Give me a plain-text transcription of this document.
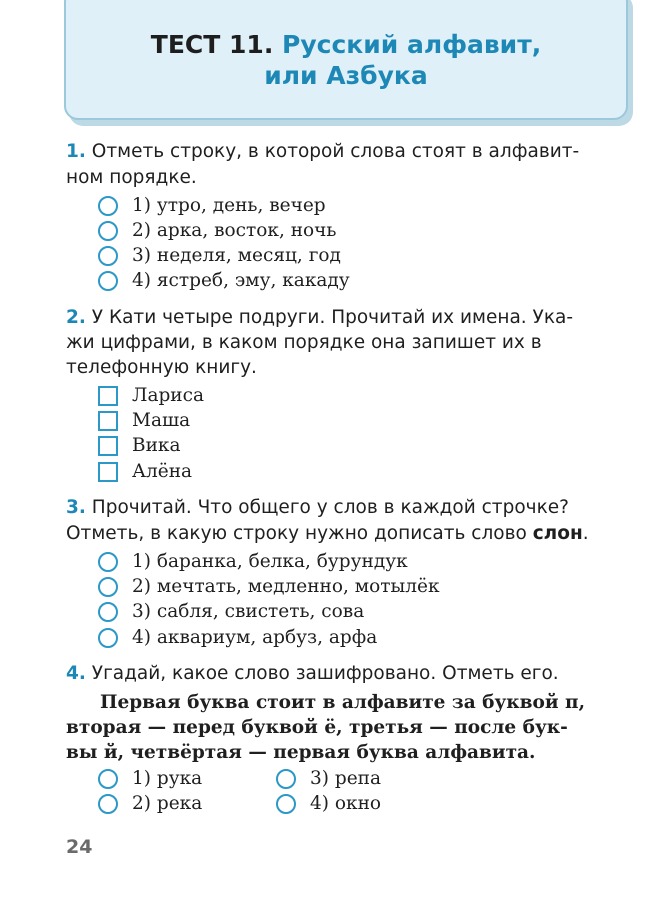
ТЕСТ 11. Русский алфавит,
или Азбука
1. Отметь строку, в которой слова стоят в алфавит-
ном порядке.
1) утро, день, вечер
2) арка, восток, ночь
3) неделя, месяц, год
4) ястреб, эму, какаду
2. У Кати четыре подруги. Прочитай их имена. Ука-
жи цифрами, в каком порядке она запишет их в
телефонную книгу.
Лариса
Маша
Вика
Алёна
3. Прочитай. Что общего у слов в каждой строчке?
Отметь, в какую строку нужно дописать слово слон.
1) баранка, белка, бурундук
2) мечтать, медленно, мотылёк
3) сабля, свистеть, сова
4) аквариум, арбуз, арфа
4. Угадай, какое слово зашифровано. Отметь его.
Первая буква стоит в алфавите за буквой п,
вторая — перед буквой ё, третья — после бук-
вы й, четвёртая — первая буква алфавита.
1) рука	3) репа
2) река	4) окно
24
